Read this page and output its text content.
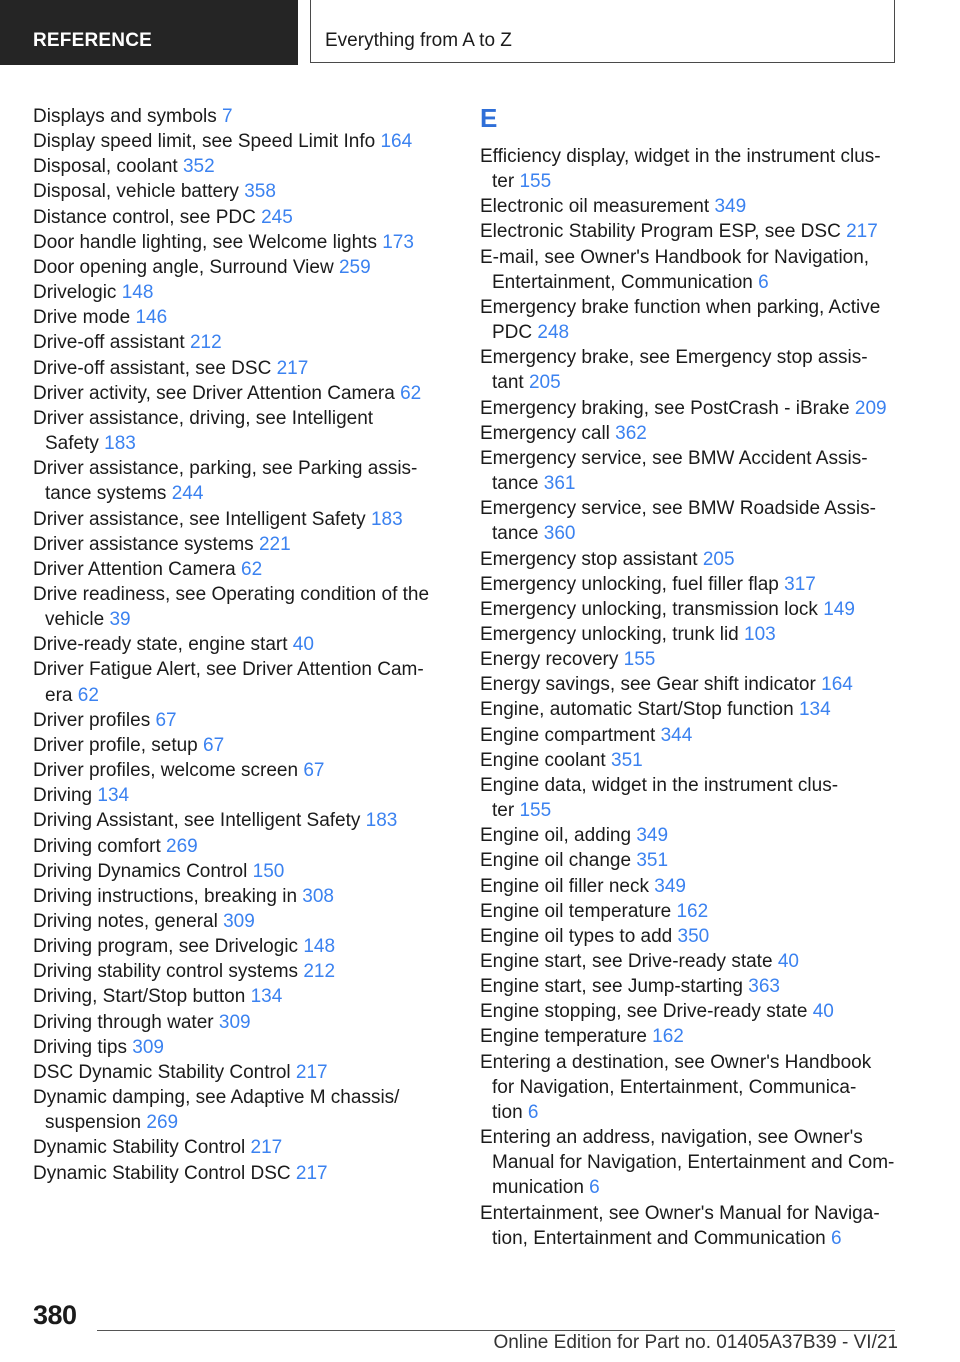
REFERENCE	Everything from A to Z
Displays and symbols 7
Display speed limit, see Speed Limit Info 164
Disposal, coolant 352
Disposal, vehicle battery 358
Distance control, see PDC 245
Door handle lighting, see Welcome lights 173
Door opening angle, Surround View 259
Drivelogic 148
Drive mode 146
Drive-off assistant 212
Drive-off assistant, see DSC 217
Driver activity, see Driver Attention Camera 62
Driver assistance, driving, see Intelligent
Safety 183
Driver assistance, parking, see Parking assis-
tance systems 244
Driver assistance, see Intelligent Safety 183
Driver assistance systems 221
Driver Attention Camera 62
Drive readiness, see Operating condition of the
vehicle 39
Drive-ready state, engine start 40
Driver Fatigue Alert, see Driver Attention Cam-
era 62
Driver profiles 67
Driver profile, setup 67
Driver profiles, welcome screen 67
Driving 134
Driving Assistant, see Intelligent Safety 183
Driving comfort 269
Driving Dynamics Control 150
Driving instructions, breaking in 308
Driving notes, general 309
Driving program, see Drivelogic 148
Driving stability control systems 212
Driving, Start/Stop button 134
Driving through water 309
Driving tips 309
DSC Dynamic Stability Control 217
Dynamic damping, see Adaptive M chassis/
suspension 269
Dynamic Stability Control 217
Dynamic Stability Control DSC 217
E
Efficiency display, widget in the instrument clus-
ter 155
Electronic oil measurement 349
Electronic Stability Program ESP, see DSC 217
E-mail, see Owner's Handbook for Navigation,
Entertainment, Communication 6
Emergency brake function when parking, Active
PDC 248
Emergency brake, see Emergency stop assis-
tant 205
Emergency braking, see PostCrash - iBrake 209
Emergency call 362
Emergency service, see BMW Accident Assis-
tance 361
Emergency service, see BMW Roadside Assis-
tance 360
Emergency stop assistant 205
Emergency unlocking, fuel filler flap 317
Emergency unlocking, transmission lock 149
Emergency unlocking, trunk lid 103
Energy recovery 155
Energy savings, see Gear shift indicator 164
Engine, automatic Start/Stop function 134
Engine compartment 344
Engine coolant 351
Engine data, widget in the instrument clus-
ter 155
Engine oil, adding 349
Engine oil change 351
Engine oil filler neck 349
Engine oil temperature 162
Engine oil types to add 350
Engine start, see Drive-ready state 40
Engine start, see Jump-starting 363
Engine stopping, see Drive-ready state 40
Engine temperature 162
Entering a destination, see Owner's Handbook
for Navigation, Entertainment, Communica-
tion 6
Entering an address, navigation, see Owner's
Manual for Navigation, Entertainment and Com-
munication 6
Entertainment, see Owner's Manual for Naviga-
tion, Entertainment and Communication 6
380
Online Edition for Part no. 01405A37B39 - VI/21
